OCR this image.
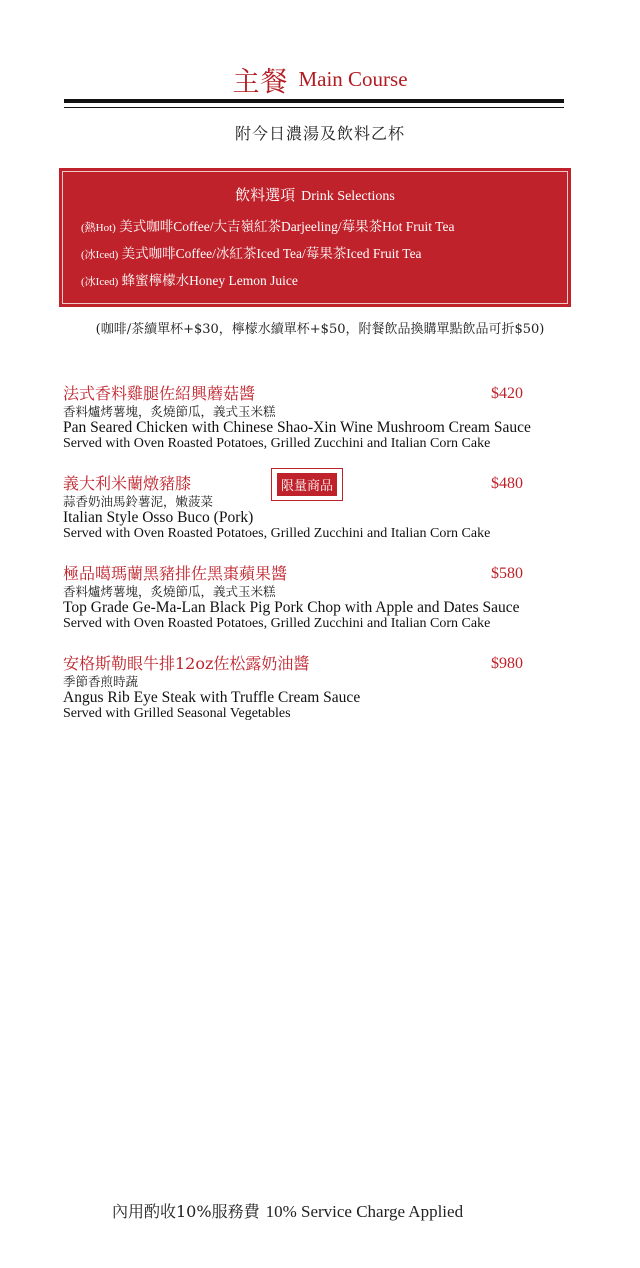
主餐 Main Course
附今日濃湯及飲料乙杯
飲料選項 Drink Selections
(熱Hot) 美式咖啡Coffee/大吉嶺紅茶Darjeeling/莓果茶Hot Fruit Tea
(冰Iced) 美式咖啡Coffee/冰紅茶Iced Tea/莓果茶Iced Fruit Tea
(冰Iced) 蜂蜜檸檬水Honey Lemon Juice
(咖啡/茶續單杯+$30，檸檬水續單杯+$50，附餐飲品換購單點飲品可折$50)
法式香料雞腿佐紹興蘑菇醬	$420
香料爐烤薯塊，炙燒節瓜，義式玉米糕
Pan Seared Chicken with Chinese Shao-Xin Wine Mushroom Cream Sauce
Served with Oven Roasted Potatoes, Grilled Zucchini and Italian Corn Cake
義大利米蘭燉豬膝	限量商品	$480
蒜香奶油馬鈴薯泥，嫩菠菜
Italian Style Osso Buco (Pork)
Served with Oven Roasted Potatoes, Grilled Zucchini and Italian Corn Cake
極品噶瑪蘭黑豬排佐黑棗蘋果醬	$580
香料爐烤薯塊，炙燒節瓜，義式玉米糕
Top Grade Ge-Ma-Lan Black Pig Pork Chop with Apple and Dates Sauce
Served with Oven Roasted Potatoes, Grilled Zucchini and Italian Corn Cake
安格斯勒眼牛排12oz佐松露奶油醬	$980
季節香煎時蔬
Angus Rib Eye Steak with Truffle Cream Sauce
Served with Grilled Seasonal Vegetables
內用酌收10%服務費 10% Service Charge Applied
